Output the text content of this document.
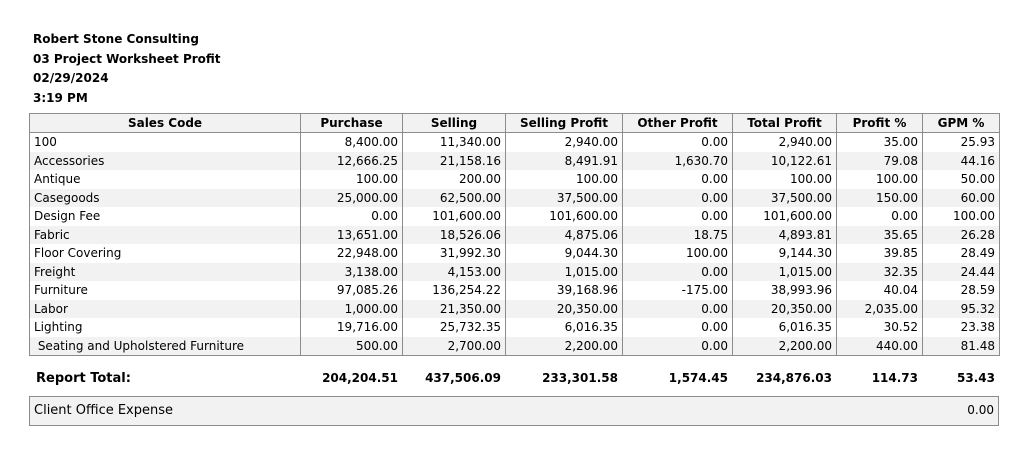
Robert Stone Consulting
03 Project Worksheet Profit
02/29/2024
3:19 PM
Sales Code	Purchase	Selling	Selling Profit	Other Profit	Total Profit	Profit %	GPM %
100	8,400.00	11,340.00	2,940.00	0.00	2,940.00	35.00	25.93
Accessories	12,666.25	21,158.16	8,491.91	1,630.70	10,122.61	79.08	44.16
Antique	100.00	200.00	100.00	0.00	100.00	100.00	50.00
Casegoods	25,000.00	62,500.00	37,500.00	0.00	37,500.00	150.00	60.00
Design Fee	0.00	101,600.00	101,600.00	0.00	101,600.00	0.00	100.00
Fabric	13,651.00	18,526.06	4,875.06	18.75	4,893.81	35.65	26.28
Floor Covering	22,948.00	31,992.30	9,044.30	100.00	9,144.30	39.85	28.49
Freight	3,138.00	4,153.00	1,015.00	0.00	1,015.00	32.35	24.44
Furniture	97,085.26	136,254.22	39,168.96	-175.00	38,993.96	40.04	28.59
Labor	1,000.00	21,350.00	20,350.00	0.00	20,350.00	2,035.00	95.32
Lighting	19,716.00	25,732.35	6,016.35	0.00	6,016.35	30.52	23.38
Seating and Upholstered Furniture	500.00	2,700.00	2,200.00	0.00	2,200.00	440.00	81.48
Report Total:	204,204.51	437,506.09	233,301.58	1,574.45	234,876.03	114.73	53.43
Client Office Expense	0.00
